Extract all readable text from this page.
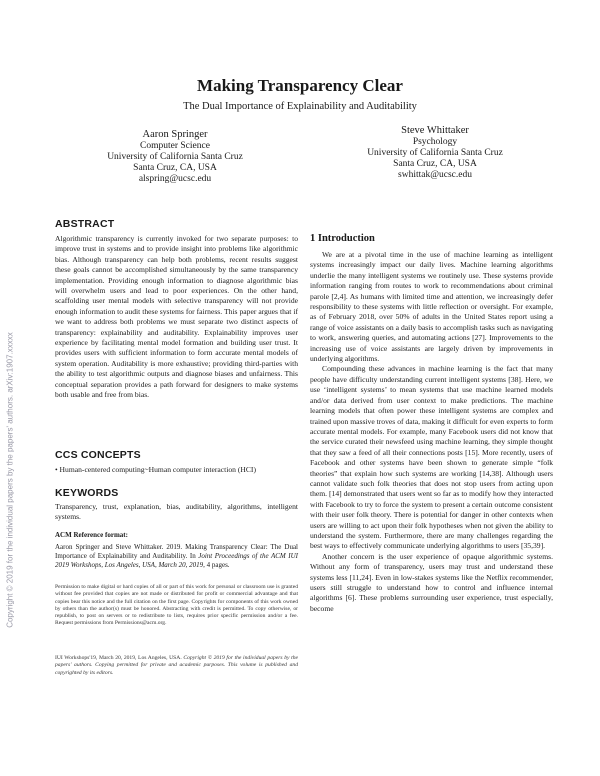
Copyright © 2019 for the individual papers by the papers' authors. arXiv:1907.xxxxx
Making Transparency Clear
The Dual Importance of Explainability and Auditability
Aaron Springer
Computer Science
University of California Santa Cruz
Santa Cruz, CA, USA
alspring@ucsc.edu
Steve Whittaker
Psychology
University of California Santa Cruz
Santa Cruz, CA, USA
swhittak@ucsc.edu
ABSTRACT

Algorithmic transparency is currently invoked for two separate purposes: to improve trust in systems and to provide insight into problems like algorithmic bias. Although transparency can help both problems, recent results suggest these goals cannot be accomplished simultaneously by the same transparency implementation. Providing enough information to diagnose algorithmic bias will overwhelm users and lead to poor experiences. On the other hand, scaffolding user mental models with selective transparency will not provide enough information to audit these systems for fairness. This paper argues that if we want to address both problems we must separate two distinct aspects of transparency: explainability and auditability. Explainability improves user experience by facilitating mental model formation and building user trust. It provides users with sufficient information to form accurate mental models of system operation. Auditability is more exhaustive; providing third-parties with the ability to test algorithmic outputs and diagnose biases and unfairness. This conceptual separation provides a path forward for designers to make systems both usable and free from bias.

CCS CONCEPTS
• Human-centered computing~Human computer interaction (HCI)
KEYWORDS
Transparency, trust, explanation, bias, auditability, algorithms, intelligent systems.
ACM Reference format:
Aaron Springer and Steve Whittaker. 2019. Making Transparency Clear: The Dual Importance of Explainability and Auditability. In Joint Proceedings of the ACM IUI 2019 Workshops, Los Angeles, USA, March 20, 2019, 4 pages.
Permission to make digital or hard copies of all or part of this work for personal or classroom use is granted without fee provided that copies are not made or distributed for profit or commercial advantage and that copies bear this notice and the full citation on the first page. Copyrights for components of this work owned by others than the author(s) must be honored. Abstracting with credit is permitted. To copy otherwise, or republish, to post on servers or to redistribute to lists, requires prior specific permission and/or a fee. Request permissions from Permissions@acm.org.
IUI Workshops'19, March 20, 2019, Los Angeles, USA. Copyright © 2019 for the individual papers by the papers' authors. Copying permitted for private and academic purposes. This volume is published and copyrighted by its editors.
1 Introduction

We are at a pivotal time in the use of machine learning as intelligent systems increasingly impact our daily lives. Machine learning algorithms underlie the many intelligent systems we routinely use. These systems provide information ranging from routes to work to recommendations about criminal parole [2,4]. As humans with limited time and attention, we increasingly defer responsibility to these systems with little reflection or oversight. For example, as of February 2018, over 50% of adults in the United States report using a range of voice assistants on a daily basis to accomplish tasks such as navigating to work, answering queries, and automating actions [27]. Improvements to the increasing use of voice assistants are largely driven by improvements in underlying algorithms.

Compounding these advances in machine learning is the fact that many people have difficulty understanding current intelligent systems [38]. Here, we use ‘intelligent systems’ to mean systems that use machine learned models and/or data derived from user context to make predictions. The machine learning models that often power these intelligent systems are complex and trained upon massive troves of data, making it difficult for even experts to form accurate mental models. For example, many Facebook users did not know that the service curated their newsfeed using machine learning, they simple thought that they saw a feed of all their connections posts [15]. More recently, users of Facebook and other systems have been shown to generate simple “folk theories” that explain how such systems are working [14,38]. Although users cannot validate such folk theories that does not stop users from acting upon them. [14] demonstrated that users went so far as to modify how they interacted with Facebook to try to force the system to present a certain outcome consistent with their user folk theory. There is potential for danger in other contexts when users are willing to act upon their folk hypotheses when not given the ability to understand the system. Furthermore, there are many challenges regarding the best ways to effectively communicate underlying algorithms to users [35,39].

Another concern is the user experience of opaque algorithmic systems. Without any form of transparency, users may trust and understand these systems less [11,24]. Even in low-stakes systems like the Netflix recommender, users still struggle to understand how to control and influence internal algorithms [6]. These problems surrounding user experience, trust especially, become
